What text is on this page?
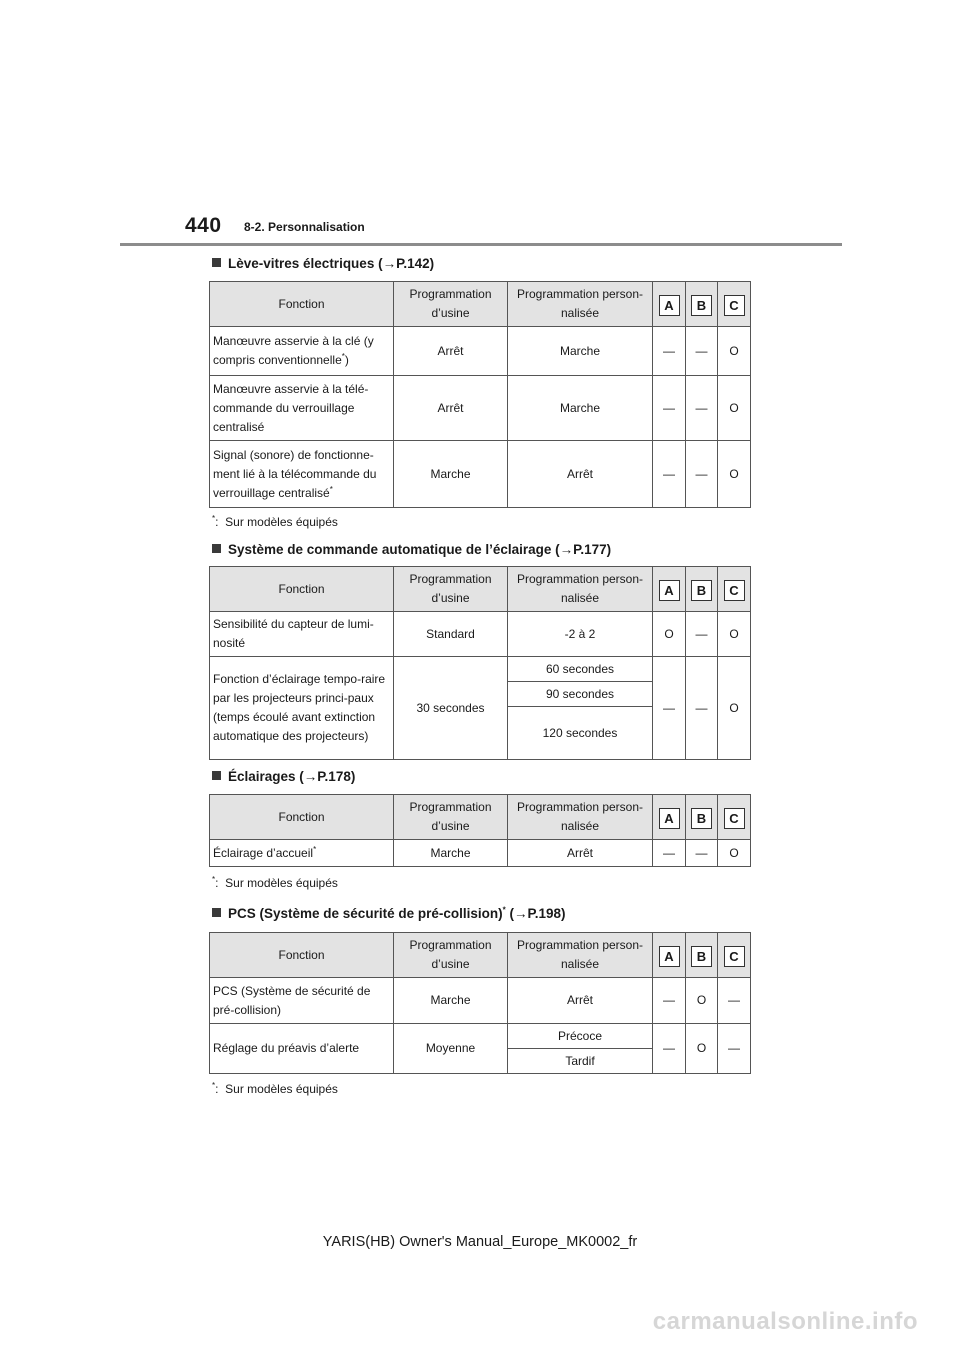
440 8-2. Personnalisation
Lève-vitres électriques (→P.142)
Fonction	Programmation d’usine	Programmation person-nalisée	A	B	C
Manœuvre asservie à la clé (y compris conventionnelle*)	Arrêt	Marche	—	—	O
Manœuvre asservie à la télé-commande du verrouillage centralisé	Arrêt	Marche	—	—	O
Signal (sonore) de fonctionne-ment lié à la télécommande du verrouillage centralisé*	Marche	Arrêt	—	—	O
*: Sur modèles équipés
Système de commande automatique de l’éclairage (→P.177)
Fonction	Programmation d’usine	Programmation person-nalisée	A	B	C
Sensibilité du capteur de lumi-nosité	Standard	-2 à 2	O	—	O
Fonction d’éclairage tempo-raire par les projecteurs princi-paux (temps écoulé avant extinction automatique des projecteurs)	30 secondes	60 secondes	—	—	O
		90 secondes			
		120 secondes			
Éclairages (→P.178)
Fonction	Programmation d’usine	Programmation person-nalisée	A	B	C
Éclairage d’accueil*	Marche	Arrêt	—	—	O
*: Sur modèles équipés
PCS (Système de sécurité de pré-collision)* (→P.198)
Fonction	Programmation d’usine	Programmation person-nalisée	A	B	C
PCS (Système de sécurité de pré-collision)	Marche	Arrêt	—	O	—
Réglage du préavis d’alerte	Moyenne	Précoce	—	O	—
		Tardif			
*: Sur modèles équipés
YARIS(HB) Owner's Manual_Europe_MK0002_fr
carmanualsonline.info
